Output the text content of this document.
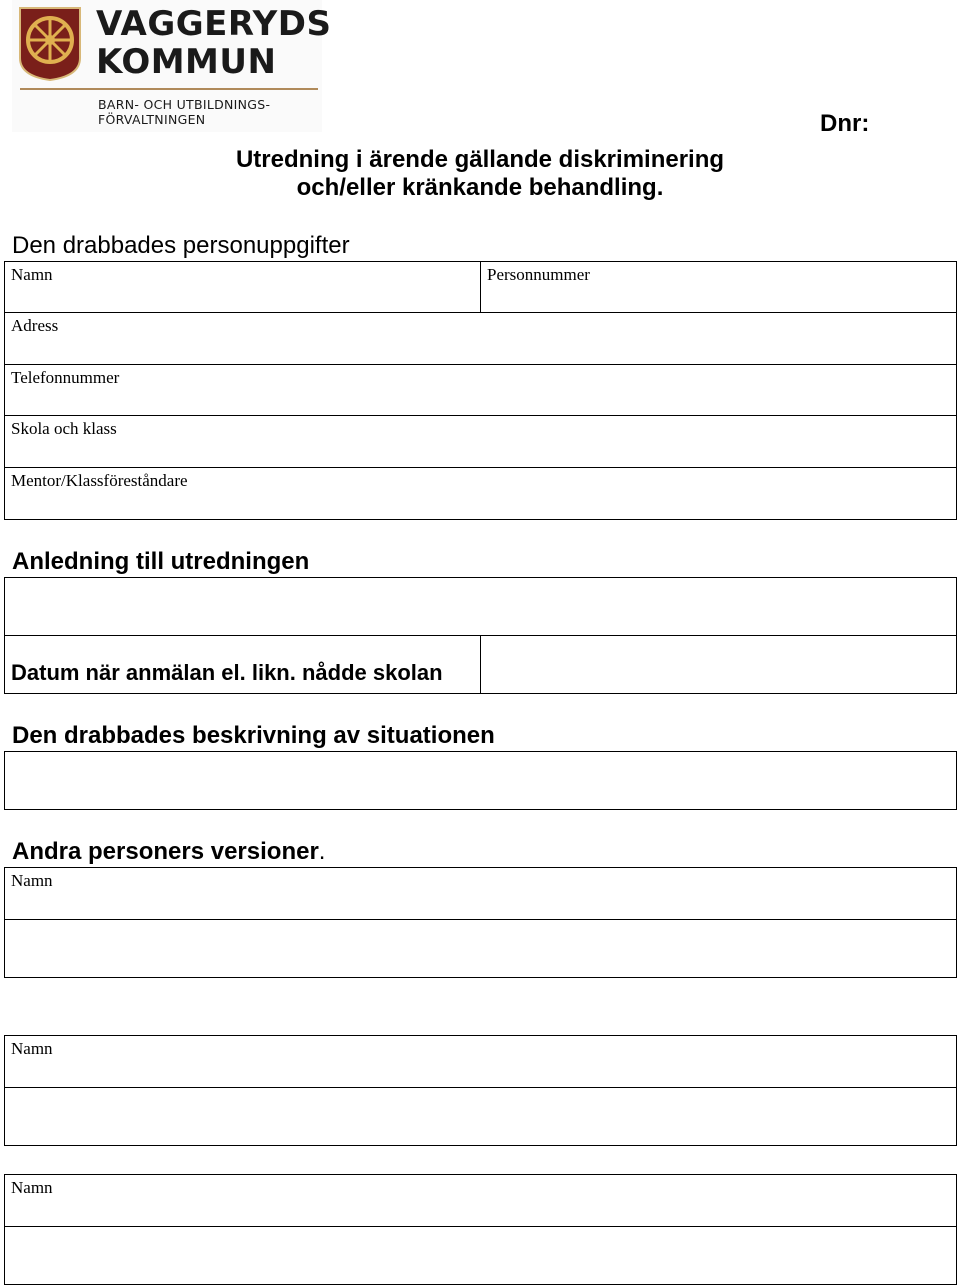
VAGGERYDS
KOMMUN
BARN- OCH UTBILDNINGS-
FÖRVALTNINGEN	Dnr:
Utredning i ärende gällande diskriminering
och/eller kränkande behandling.
Den drabbades personuppgifter
Namn	Personnummer
Adress
Telefonnummer
Skola och klass
Mentor/Klassföreståndare
Anledning till utredningen
Datum när anmälan el. likn. nådde skolan
Den drabbades beskrivning av situationen
Andra personers versioner.
Namn
Namn
Namn
